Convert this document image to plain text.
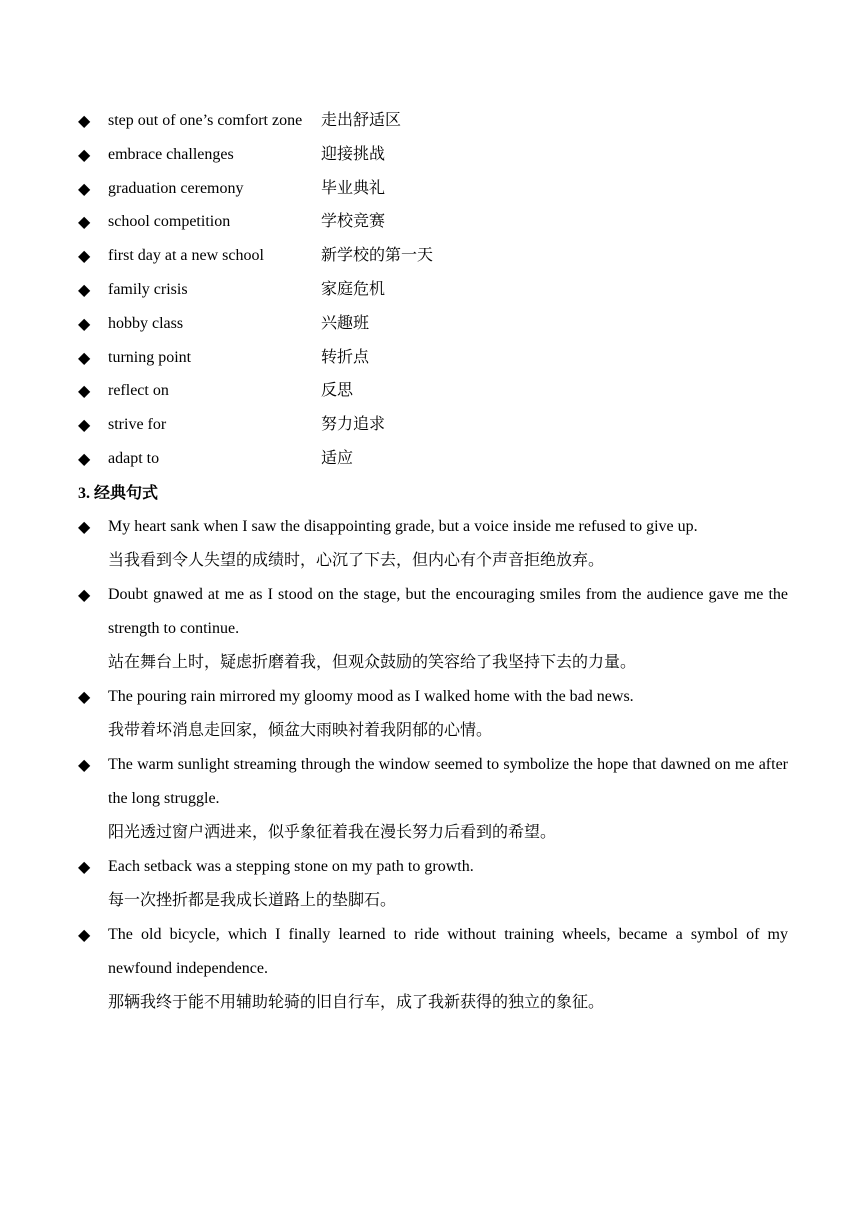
◆	step out of one’s comfort zone 走出舒适区
◆	embrace challenges	迎接挑战
◆	graduation ceremony	毕业典礼
◆	school competition	学校竞赛
◆	first day at a new school	新学校的第一天
◆	family crisis	家庭危机
◆	hobby class	兴趣班
◆	turning point	转折点
◆	reflect on	反思
◆	strive for	努力追求
◆	adapt to	适应
3. 经典句式
◆	My heart sank when I saw the disappointing grade, but a voice inside me refused to give up.
当我看到令人失望的成绩时，心沉了下去，但内心有个声音拒绝放弃。
◆	Doubt gnawed at me as I stood on the stage, but the encouraging smiles from the audience gave me the strength to continue.
站在舞台上时，疑虑折磨着我，但观众鼓励的笑容给了我坚持下去的力量。
◆	The pouring rain mirrored my gloomy mood as I walked home with the bad news.
我带着坏消息走回家，倾盆大雨映衬着我阴郁的心情。
◆	The warm sunlight streaming through the window seemed to symbolize the hope that dawned on me after the long struggle.
阳光透过窗户洒进来，似乎象征着我在漫长努力后看到的希望。
◆	Each setback was a stepping stone on my path to growth.
每一次挫折都是我成长道路上的垫脚石。
◆	The old bicycle, which I finally learned to ride without training wheels, became a symbol of my newfound independence.
那辆我终于能不用辅助轮骑的旧自行车，成了我新获得的独立的象征。
